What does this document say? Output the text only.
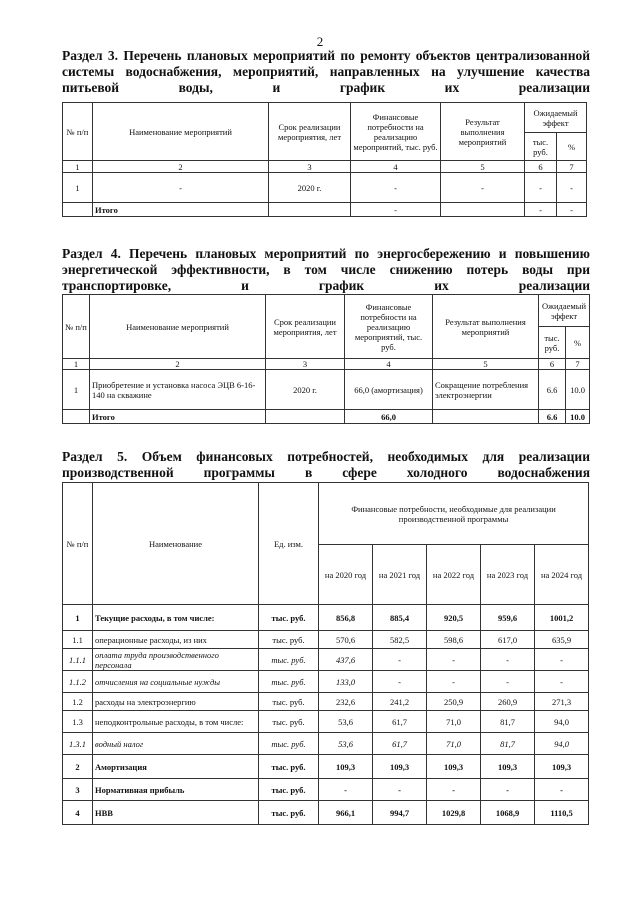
2
Раздел 3. Перечень плановых мероприятий по ремонту объектов централизованной системы водоснабжения, мероприятий, направленных на улучшение качества питьевой воды, и график их реализации
№ п/п	Наименование мероприятий	Срок реализации мероприятия, лет	Финансовые потребности на реализацию мероприятий, тыс. руб.	Результат выполнения мероприятий	Ожидаемый эффект	
					тыс. руб.	%
1	2	3	4	5	6	7
1	-	2020 г.	-	-	-	-
	Итого		-		-	-
Раздел 4. Перечень плановых мероприятий по энергосбережению и повышению энергетической эффективности, в том числе снижению потерь воды при транспортировке, и график их реализации
№ п/п	Наименование мероприятий	Срок реализации мероприятия, лет	Финансовые потребности на реализацию мероприятий, тыс. руб.	Результат выполнения мероприятий	Ожидаемый эффект	
					тыс. руб.	%
1	2	3	4	5	6	7
1	Приобретение и установка насоса ЭЦВ 6-16-140 на скважине	2020 г.	66,0 (амортизация)	Сокращение потребления электроэнергии	6.6	10.0
	Итого		66,0		6.6	10.0
Раздел 5. Объем финансовых потребностей, необходимых для реализации производственной программы в сфере холодного водоснабжения
№ п/п	Наименование	Ед. изм.	Финансовые потребности, необходимые для реализации производственной программы				
			на 2020 год	на 2021 год	на 2022 год	на 2023 год	на 2024 год
1	Текущие расходы, в том числе:	тыс. руб.	856,8	885,4	920,5	959,6	1001,2
1.1	операционные расходы, из них	тыс. руб.	570,6	582,5	598,6	617,0	635,9
1.1.1	оплата труда производственного персонала	тыс. руб.	437,6	-	-	-	-
1.1.2	отчисления на социальные нужды	тыс. руб.	133,0	-	-	-	-
1.2	расходы на электроэнергию	тыс. руб.	232,6	241,2	250,9	260,9	271,3
1.3	неподконтрольные расходы, в том числе:	тыс. руб.	53,6	61,7	71,0	81,7	94,0
1.3.1	водный налог	тыс. руб.	53,6	61,7	71,0	81,7	94,0
2	Амортизация	тыс. руб.	109,3	109,3	109,3	109,3	109,3
3	Нормативная прибыль	тыс. руб.	-	-	-	-	-
4	НВВ	тыс. руб.	966,1	994,7	1029,8	1068,9	1110,5
